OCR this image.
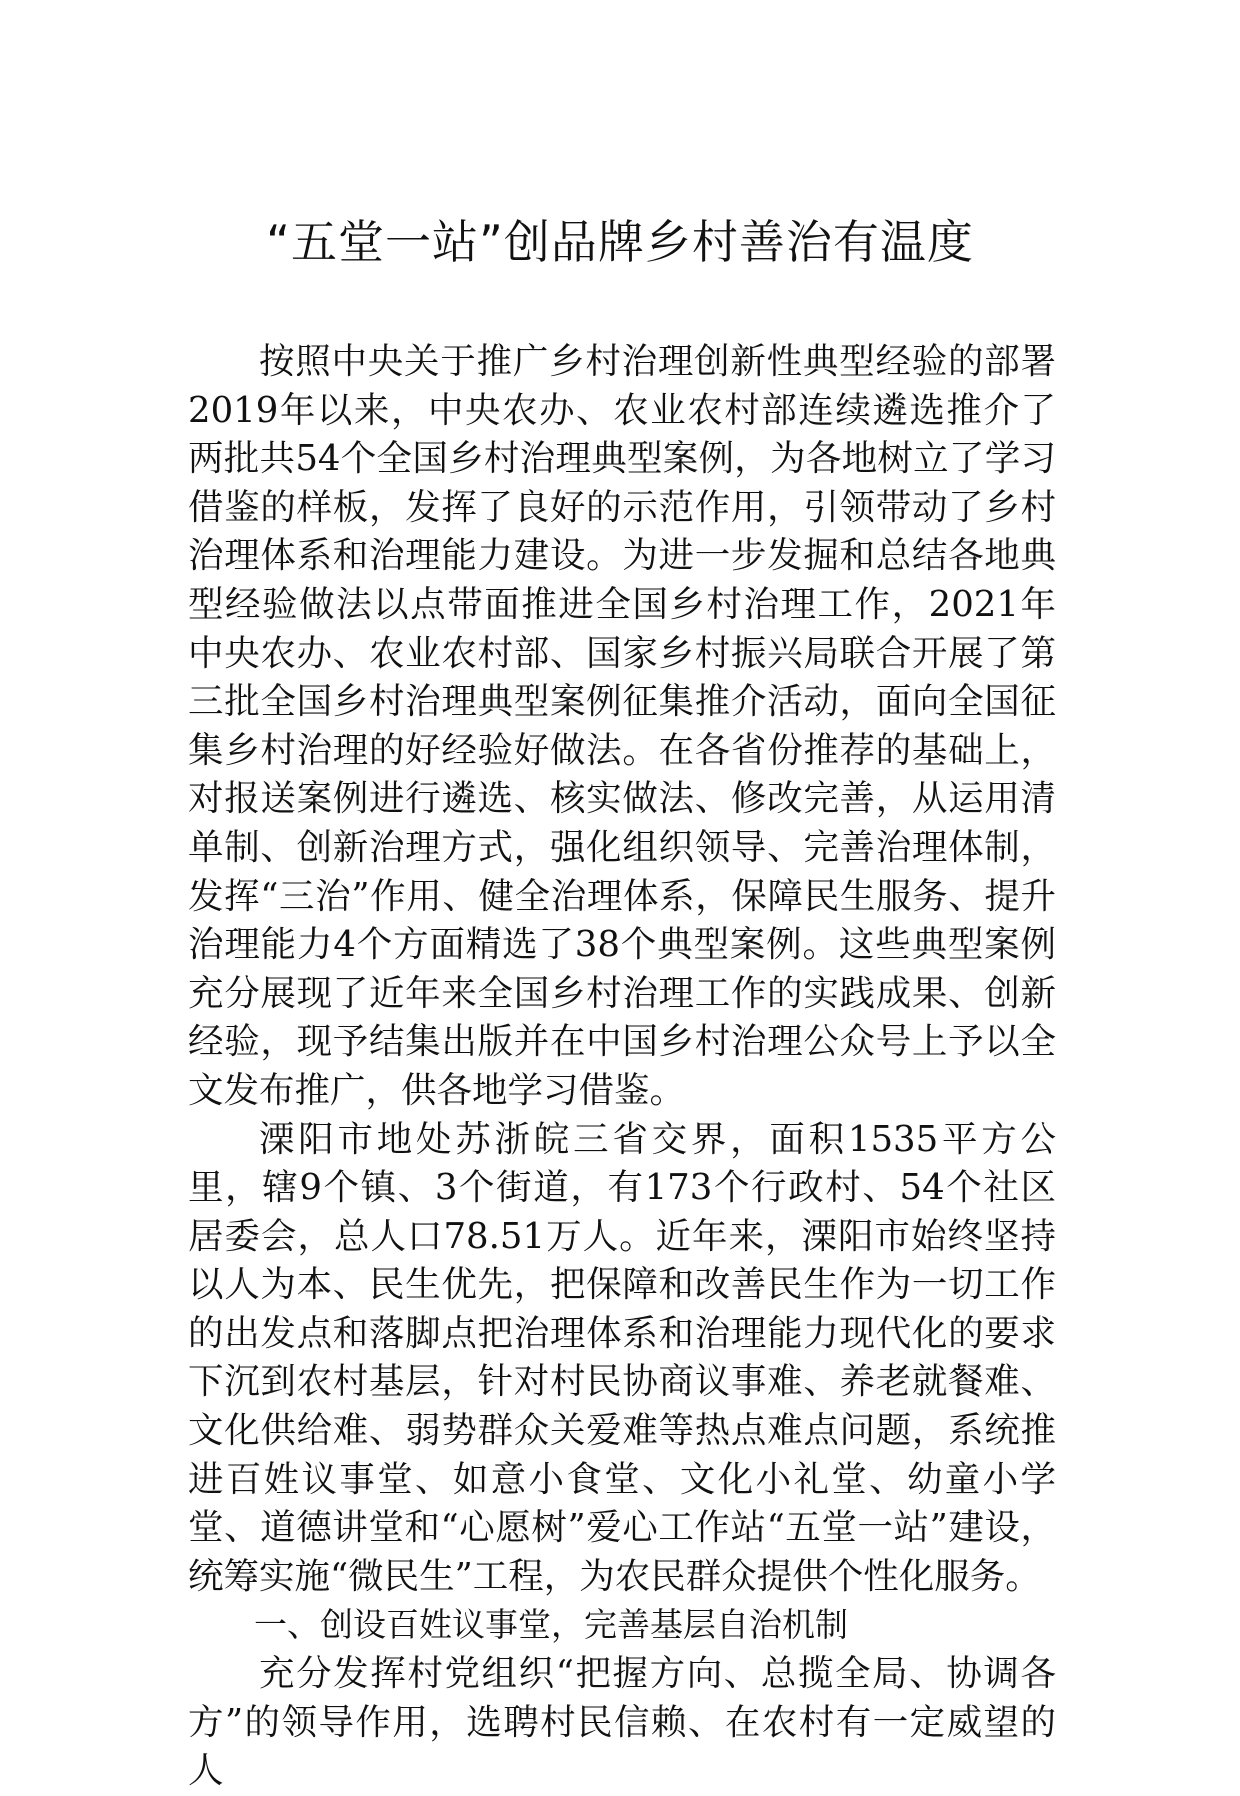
“五堂一站”创品牌乡村善治有温度

按照中央关于推广乡村治理创新性典型经验的部署2019年以来，中央农办、农业农村部连续遴选推介了两批共54个全国乡村治理典型案例，为各地树立了学习借鉴的样板，发挥了良好的示范作用，引领带动了乡村治理体系和治理能力建设。为进一步发掘和总结各地典型经验做法以点带面推进全国乡村治理工作，2021年中央农办、农业农村部、国家乡村振兴局联合开展了第三批全国乡村治理典型案例征集推介活动，面向全国征集乡村治理的好经验好做法。在各省份推荐的基础上，对报送案例进行遴选、核实做法、修改完善，从运用清单制、创新治理方式，强化组织领导、完善治理体制，发挥“三治”作用、健全治理体系，保障民生服务、提升治理能力4个方面精选了38个典型案例。这些典型案例充分展现了近年来全国乡村治理工作的实践成果、创新经验，现予结集出版并在中国乡村治理公众号上予以全文发布推广，供各地学习借鉴。

溧阳市地处苏浙皖三省交界，面积1535平方公里，辖9个镇、3个街道，有173个行政村、54个社区居委会，总人口78.51万人。近年来，溧阳市始终坚持以人为本、民生优先，把保障和改善民生作为一切工作的出发点和落脚点把治理体系和治理能力现代化的要求下沉到农村基层，针对村民协商议事难、养老就餐难、文化供给难、弱势群众关爱难等热点难点问题，系统推进百姓议事堂、如意小食堂、文化小礼堂、幼童小学堂、道德讲堂和“心愿树”爱心工作站“五堂一站”建设，统筹实施“微民生”工程，为农民群众提供个性化服务。

一、创设百姓议事堂，完善基层自治机制

充分发挥村党组织“把握方向、总揽全局、协调各方”的领导作用，选聘村民信赖、在农村有一定威望的人
